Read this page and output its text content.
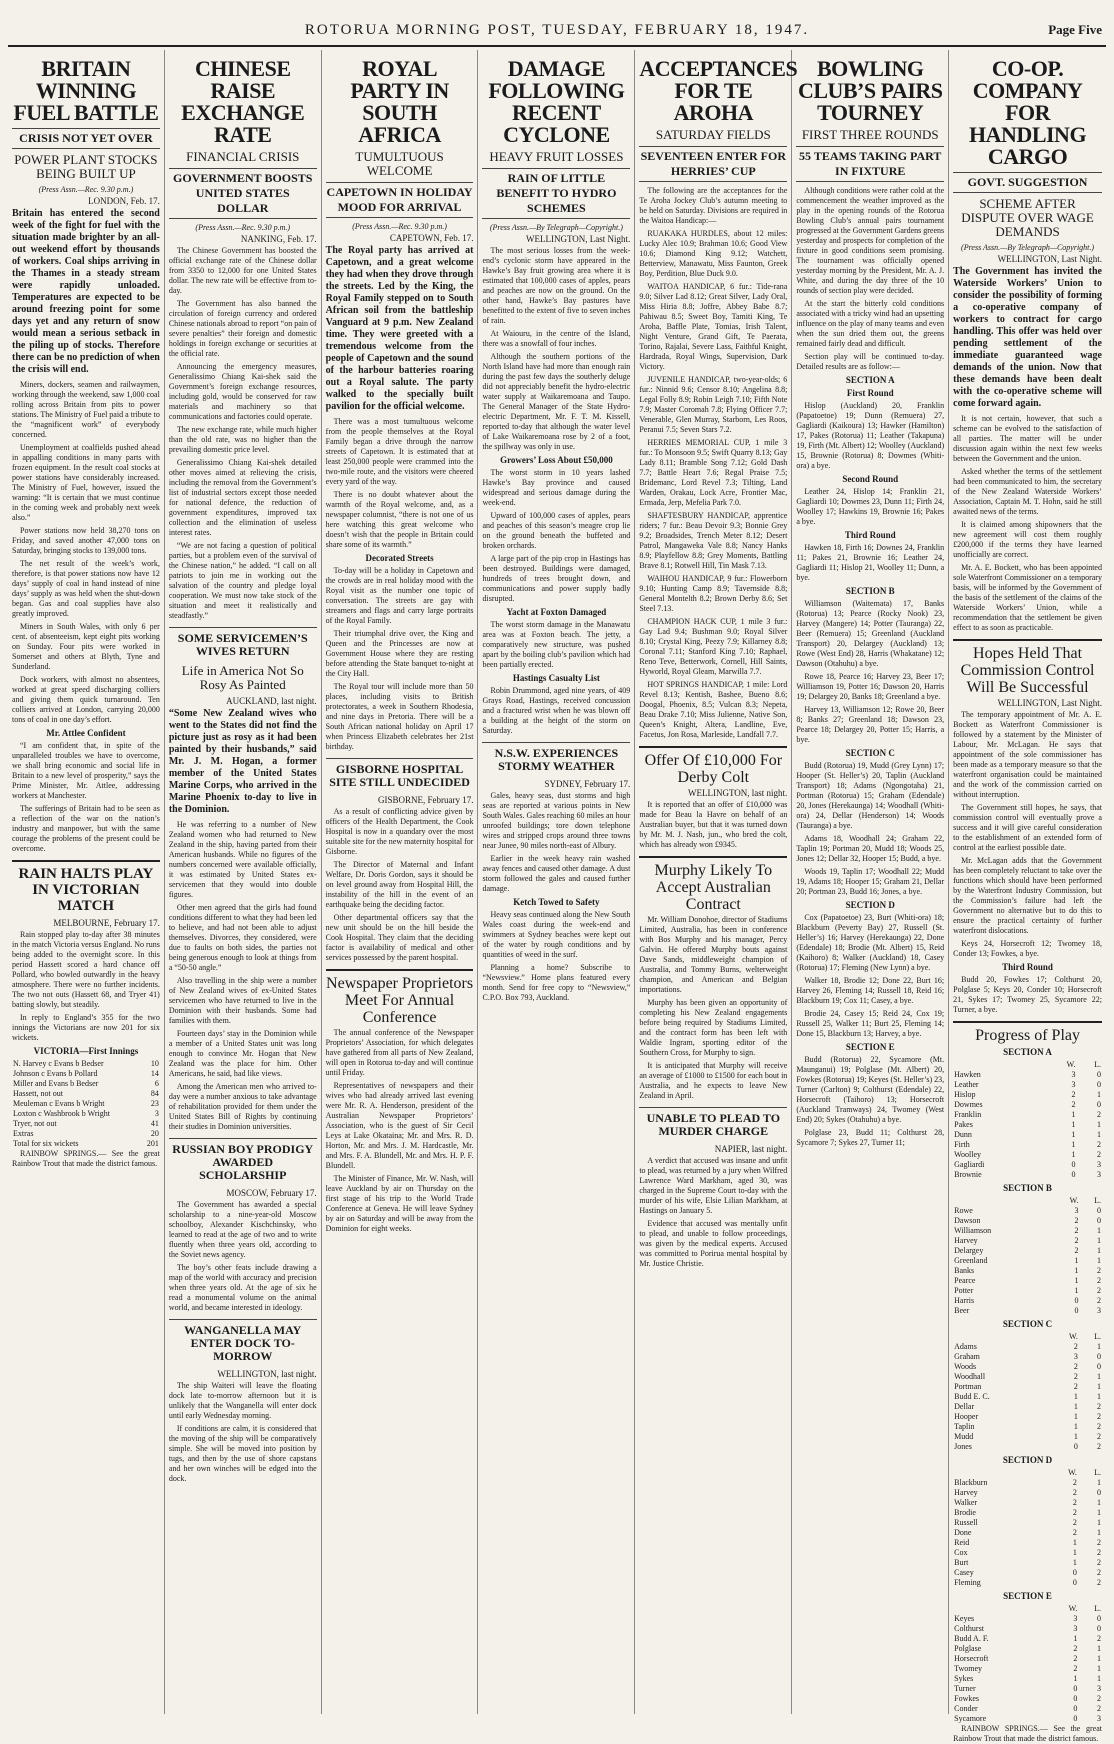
ROTORUA MORNING POST, TUESDAY, FEBRUARY 18, 1947.	Page Five
BRITAIN WINNING FUEL BATTLE
CRISIS NOT YET OVER
POWER PLANT STOCKS BEING BUILT UP
(Press Assn.—Rec. 9.30 p.m.)
LONDON, Feb. 17.

Britain has entered the second week of the fight for fuel with the situation made brighter by an all-out weekend effort by thousands of workers. Coal ships arriving in the Thames in a steady stream were rapidly unloaded. Temperatures are expected to be around freezing point for some days yet and any return of snow would mean a serious setback in the piling up of stocks. Therefore there can be no prediction of when the crisis will end.

Miners, dockers, seamen and railwaymen, working through the weekend, saw 1,000 coal rolling across Britain from pits to power stations. The Ministry of Fuel paid a tribute to the “magnificent work” of everybody concerned.

Unemployment at coalfields pushed ahead in appalling conditions in many parts with frozen equipment. In the result coal stocks at power stations have considerably increased. The Ministry of Fuel, however, issued the warning: “It is certain that we must continue in the coming week and probably next week also.”

Power stations now held 38,270 tons on Friday, and saved another 47,000 tons on Saturday, bringing stocks to 139,000 tons.

The net result of the week’s work, therefore, is that power stations now have 12 days’ supply of coal in hand instead of nine days’ supply as was held when the shut-down began. Gas and coal supplies have also greatly improved.

Miners in South Wales, with only 6 per cent. of absenteeism, kept eight pits working on Sunday. Four pits were worked in Somerset and others at Blyth, Tyne and Sunderland.

Dock workers, with almost no absentees, worked at great speed discharging colliers and giving them quick turnaround. Ten colliers arrived at London, carrying 20,000 tons of coal in one day’s effort.

Mr. Attlee Confident

“I am confident that, in spite of the unparalleled troubles we have to overcome, we shall bring economic and social life in Britain to a new level of prosperity,” says the Prime Minister, Mr. Attlee, addressing workers at Manchester.

The sufferings of Britain had to be seen as a reflection of the war on the nation’s industry and manpower, but with the same courage the problems of the present could be overcome.

RAIN HALTS PLAY IN VICTORIAN MATCH
MELBOURNE, February 17.

Rain stopped play to-day after 38 minutes in the match Victoria versus England. No runs being added to the overnight score. In this period Hassett scored a hard chance off Pollard, who bowled outwardly in the heavy atmosphere. There were no further incidents. The two not outs (Hassett 68, and Tryer 41) batting slowly, but steadily.

In reply to England’s 355 for the two innings the Victorians are now 201 for six wickets.

VICTORIA—First Innings
N. Harvey c Evans b Bedser	10
Johnson c Evans b Pollard	14
Miller and Evans b Bedser	6
Hassett, not out	84
Meuleman c Evans b Wright	23
Loxton c Washbrook b Wright	3
Tryer, not out	41
Extras	20
Total for six wickets	201

RAINBOW SPRINGS.— See the great Rainbow Trout that made the district famous.

CHINESE RAISE EXCHANGE RATE
FINANCIAL CRISIS
GOVERNMENT BOOSTS UNITED STATES DOLLAR
(Press Assn.—Rec. 9.30 p.m.)
NANKING, Feb. 17.

The Chinese Government has boosted the official exchange rate of the Chinese dollar from 3350 to 12,000 for one United States dollar. The new rate will be effective from to-day.

The Government has also banned the circulation of foreign currency and ordered Chinese nationals abroad to report “on pain of severe penalties” their foreign and domestic holdings in foreign exchange or securities at the official rate.

Announcing the emergency measures, Generalissimo Chiang Kai-shek said the Government’s foreign exchange resources, including gold, would be conserved for raw materials and machinery so that communications and factories could operate.

The new exchange rate, while much higher than the old rate, was no higher than the prevailing domestic price level.

Generalissimo Chiang Kai-shek detailed other moves aimed at relieving the crisis, including the removal from the Government’s list of industrial sectors except those needed for national defence, the reduction of government expenditures, improved tax collection and the elimination of useless interest rates.

“We are not facing a question of political parties, but a problem even of the survival of the Chinese nation,” he added. “I call on all patriots to join me in working out the salvation of the country and pledge loyal cooperation. We must now take stock of the situation and meet it realistically and steadfastly.”

SOME SERVICEMEN’S WIVES RETURN
Life in America Not So Rosy As Painted
AUCKLAND, last night.

“Some New Zealand wives who went to the States did not find the picture just as rosy as it had been painted by their husbands,” said Mr. J. M. Hogan, a former member of the United States Marine Corps, who arrived in the Marine Phoenix to-day to live in the Dominion.

He was referring to a number of New Zealand women who had returned to New Zealand in the ship, having parted from their American husbands. While no figures of the numbers concerned were available officially, it was estimated by United States ex-servicemen that they would into double figures.

Other men agreed that the girls had found conditions different to what they had been led to believe, and had not been able to adjust themselves. Divorces, they considered, were due to faults on both sides, the parties not being generous enough to look at things from a “50-50 angle.”

Also travelling in the ship were a number of New Zealand wives of ex-United States servicemen who have returned to live in the Dominion with their husbands. Some had families with them.

Fourteen days’ stay in the Dominion while a member of a United States unit was long enough to convince Mr. Hogan that New Zealand was the place for him. Other Americans, he said, had like views.

Among the American men who arrived to-day were a number anxious to take advantage of rehabilitation provided for them under the United States Bill of Rights by continuing their studies in Dominion universities.

RUSSIAN BOY PRODIGY AWARDED SCHOLARSHIP
MOSCOW, February 17.

The Government has awarded a special scholarship to a nine-year-old Moscow schoolboy, Alexander Kischchinsky, who learned to read at the age of two and to write fluently when three years old, according to the Soviet news agency.

The boy’s other feats include drawing a map of the world with accuracy and precision when three years old. At the age of six he read a monumental volume on the animal world, and became interested in ideology.

WANGANELLA MAY ENTER DOCK TO-MORROW
WELLINGTON, last night.

The ship Waiteri will leave the floating dock late to-morrow afternoon but it is unlikely that the Wanganella will enter dock until early Wednesday morning.

If conditions are calm, it is considered that the moving of the ship will be comparatively simple. She will be moved into position by tugs, and then by the use of shore capstans and her own winches will be edged into the dock.

ROYAL PARTY IN SOUTH AFRICA
TUMULTUOUS WELCOME
CAPETOWN IN HOLIDAY MOOD FOR ARRIVAL
(Press Assn.—Rec. 9.30 p.m.)
CAPETOWN, Feb. 17.

The Royal party has arrived at Capetown, and a great welcome they had when they drove through the streets. Led by the King, the Royal Family stepped on to South African soil from the battleship Vanguard at 9 p.m. New Zealand time. They were greeted with a tremendous welcome from the people of Capetown and the sound of the harbour batteries roaring out a Royal salute. The party walked to the specially built pavilion for the official welcome.

There was a most tumultuous welcome from the people themselves at the Royal Family began a drive through the narrow streets of Capetown. It is estimated that at least 250,000 people were crammed into the two-mile route, and the visitors were cheered every yard of the way.

There is no doubt whatever about the warmth of the Royal welcome, and, as a newspaper columnist, “there is not one of us here watching this great welcome who doesn’t wish that the people in Britain could share some of its warmth.”

Decorated Streets

To-day will be a holiday in Capetown and the crowds are in real holiday mood with the Royal visit as the number one topic of conversation. The streets are gay with streamers and flags and carry large portraits of the Royal Family.

Their triumphal drive over, the King and Queen and the Princesses are now at Government House where they are resting before attending the State banquet to-night at the City Hall.

The Royal tour will include more than 50 places, including visits to British protectorates, a week in Southern Rhodesia, and nine days in Pretoria. There will be a South African national holiday on April 17 when Princess Elizabeth celebrates her 21st birthday.

GISBORNE HOSPITAL SITE STILL UNDECIDED
GISBORNE, February 17.

As a result of conflicting advice given by officers of the Health Department, the Cook Hospital is now in a quandary over the most suitable site for the new maternity hospital for Gisborne.

The Director of Maternal and Infant Welfare, Dr. Doris Gordon, says it should be on level ground away from Hospital Hill, the instability of the hill in the event of an earthquake being the deciding factor.

Other departmental officers say that the new unit should be on the hill beside the Cook Hospital. They claim that the deciding factor is availability of medical and other services possessed by the parent hospital.

Newspaper Proprietors Meet For Annual Conference

The annual conference of the Newspaper Proprietors’ Association, for which delegates have gathered from all parts of New Zealand, will open in Rotorua to-day and will continue until Friday.

Representatives of newspapers and their wives who had already arrived last evening were Mr. R. A. Henderson, president of the Australian Newspaper Proprietors’ Association, who is the guest of Sir Cecil Leys at Lake Okataina; Mr. and Mrs. R. D. Horton, Mr. and Mrs. J. M. Hardcastle, Mr. and Mrs. F. A. Blundell, Mr. and Mrs. H. P. F. Blundell.

The Minister of Finance, Mr. W. Nash, will leave Auckland by air on Thursday on the first stage of his trip to the World Trade Conference at Geneva. He will leave Sydney by air on Saturday and will be away from the Dominion for eight weeks.

DAMAGE FOLLOWING RECENT CYCLONE
HEAVY FRUIT LOSSES
RAIN OF LITTLE BENEFIT TO HYDRO SCHEMES
(Press Assn.—By Telegraph—Copyright.)
WELLINGTON, Last Night.

The most serious losses from the week-end’s cyclonic storm have appeared in the Hawke’s Bay fruit growing area where it is estimated that 100,000 cases of apples, pears and peaches are now on the ground. On the other hand, Hawke’s Bay pastures have benefitted to the extent of five to seven inches of rain.

At Waiouru, in the centre of the Island, there was a snowfall of four inches.

Although the southern portions of the North Island have had more than enough rain during the past few days the southerly deluge did not appreciably benefit the hydro-electric water supply at Waikaremoana and Taupo. The General Manager of the State Hydro-electric Department, Mr. F. T. M. Kissell, reported to-day that although the water level of Lake Waikaremoana rose by 2 of a foot, the spillway was only in use.

Growers’ Loss About £50,000

The worst storm in 10 years lashed Hawke’s Bay province and caused widespread and serious damage during the week-end.

Upward of 100,000 cases of apples, pears and peaches of this season’s meagre crop lie on the ground beneath the buffeted and broken orchards.

A large part of the pip crop in Hastings has been destroyed. Buildings were damaged, hundreds of trees brought down, and communications and power supply badly disrupted.

Yacht at Foxton Damaged

The worst storm damage in the Manawatu area was at Foxton beach. The jetty, a comparatively new structure, was pushed apart by the boiling club’s pavilion which had been partially erected.

Hastings Casualty List

Robin Drummond, aged nine years, of 409 Grays Road, Hastings, received concussion and a fractured wrist when he was blown off a building at the height of the storm on Saturday.

N.S.W. EXPERIENCES STORMY WEATHER
SYDNEY, February 17.

Gales, heavy seas, dust storms and high seas are reported at various points in New South Wales. Gales reaching 60 miles an hour unroofed buildings; tore down telephone wires and stripped crops around three towns near Junee, 90 miles north-east of Albury.

Earlier in the week heavy rain washed away fences and caused other damage. A dust storm followed the gales and caused further damage.

Ketch Towed to Safety

Heavy seas continued along the New South Wales coast during the week-end and swimmers at Sydney beaches were kept out of the water by rough conditions and by quantities of weed in the surf.

Planning a home? Subscribe to “Newsview.” Home plans featured every month. Send for free copy to “Newsview,” C.P.O. Box 793, Auckland.

ACCEPTANCES FOR TE AROHA
SATURDAY FIELDS
SEVENTEEN ENTER FOR HERRIES’ CUP

The following are the acceptances for the Te Aroha Jockey Club’s autumn meeting to be held on Saturday. Divisions are required in the Waitoa Handicap:—

RUAKAKA HURDLES, about 12 miles: Lucky Alec 10.9; Brahman 10.6; Good View 10.6; Diamond King 9.12; Watchett, Betterview, Manawatu, Miss Faunton, Greek Boy, Perdition, Blue Duck 9.0.

WAITOA HANDICAP, 6 fur.: Tide-rana 9.0; Silver Lad 8.12; Great Silver, Lady Oral, Miss Hiria 8.8; Joffre, Abbey Babe 8.7; Pahiwau 8.5; Sweet Boy, Tamiti King, Te Aroha, Baffle Plate, Tomias, Irish Talent, Night Venture, Grand Gift, Te Paerata, Torino, Rajalai, Severe Lass, Faithful Knight, Hardrada, Royal Wings, Supervision, Dark Victory.

JUVENILE HANDICAP, two-year-olds; 6 fur.: Ninnid 9.6; Censor 8.10; Angelina 8.8; Legal Folly 8.9; Robin Leigh 7.10; Fifth Note 7.9; Master Coromah 7.8; Flying Officer 7.7; Venerable, Glen Murray, Starborn, Les Roos, Peranui 7.5; Seven Stars 7.2.

HERRIES MEMORIAL CUP, 1 mile 3 fur.: To Monsoon 9.5; Swift Quarry 8.13; Gay Lady 8.11; Bramble Song 7.12; Gold Dash 7.7; Battle Heart 7.6; Regal Praise 7.5; Bridemanc, Lord Revel 7.3; Tilting, Land Warden, Orakau, Lock Acre, Frontier Mac, Ermada, Jerp, Mefelia Park 7.0.

SHAFTESBURY HANDICAP, apprentice riders; 7 fur.: Beau Devoir 9.3; Bonnie Grey 9.2; Broadsides, Trench Meter 8.12; Desert Patrol, Mangaweka Vale 8.8; Nancy Hanks 8.9; Playfellow 8.8; Grey Moments, Battling Brave 8.1; Rotwell Hill, Tin Mask 7.13.

WAIHOU HANDICAP, 9 fur.: Flowerborn 9.10; Hunting Camp 8.9; Tavernside 8.8; General Montelth 8.2; Brown Derby 8.6; Set Steel 7.13.

CHAMPION HACK CUP, 1 mile 3 fur.: Gay Lad 9.4; Bushman 9.0; Royal Silver 8.10; Crystal King, Peezy 7.9; Killarney 8.8; Coronal 7.11; Stanford King 7.10; Raphael, Reno Teve, Betterwork, Cornell, Hill Saints, Hyworld, Royal Gleam, Marwilla 7.7.

HOT SPRINGS HANDICAP, 1 mile: Lord Revel 8.13; Kentish, Bashee, Bueno 8.6; Doogal, Phoenix, 8.5; Vulcan 8.3; Nepeta, Beau Drake 7.10; Miss Julienne, Native Son, Queen’s Knight, Altera, Landline, Eve, Facetus, Jon Rosa, Marleside, Landfall 7.7.

Offer Of £10,000 For Derby Colt
WELLINGTON, last night.

It is reported that an offer of £10,000 was made for Beau la Havre on behalf of an Australian buyer, but that it was turned down by Mr. M. J. Nash, jun., who bred the colt, which has already won £9345.

Murphy Likely To Accept Australian Contract

Mr. William Donohoe, director of Stadiums Limited, Australia, has been in conference with Bos Murphy and his manager, Percy Galvin. He offered Murphy bouts against Dave Sands, middleweight champion of Australia, and Tommy Burns, welterweight champion, and American and Belgian importations.

Murphy has been given an opportunity of completing his New Zealand engagements before being required by Stadiums Limited, and the contract form has been left with Waldie Ingram, sporting editor of the Southern Cross, for Murphy to sign.

It is anticipated that Murphy will receive an average of £1000 to £1500 for each bout in Australia, and he expects to leave New Zealand in April.

UNABLE TO PLEAD TO MURDER CHARGE
NAPIER, last night.

A verdict that accused was insane and unfit to plead, was returned by a jury when Wilfred Lawrence Ward Markham, aged 30, was charged in the Supreme Court to-day with the murder of his wife, Elsie Lilian Markham, at Hastings on January 5.

Evidence that accused was mentally unfit to plead, and unable to follow proceedings, was given by the medical experts. Accused was committed to Porirua mental hospital by Mr. Justice Christie.

BOWLING CLUB’S PAIRS TOURNEY
FIRST THREE ROUNDS
55 TEAMS TAKING PART IN FIXTURE

Although conditions were rather cold at the commencement the weather improved as the play in the opening rounds of the Rotorua Bowling Club’s annual pairs tournament progressed at the Government Gardens greens yesterday and prospects for completion of the fixture in good conditions seem promising. The tournament was officially opened yesterday morning by the President, Mr. A. J. White, and during the day three of the 10 rounds of section play were decided.

At the start the bitterly cold conditions associated with a tricky wind had an upsetting influence on the play of many teams and even when the sun dried them out, the greens remained fairly dead and difficult.

Section play will be continued to-day. Detailed results are as follow:—

SECTION A
First Round

Hislop (Auckland) 20, Franklin (Papatoetoe) 19; Dunn (Remuera) 27, Gagliardi (Kaikoura) 13; Hawker (Hamilton) 17, Pakes (Rotorua) 11; Leather (Takapuna) 19, Firth (Mt. Albert) 12; Woolley (Auckland) 15, Brownie (Rotorua) 8; Dowmes (Whiti-ora) a bye.

Second Round

Leather 24, Hislop 14; Franklin 21, Gagliardi 10; Dowmes 23, Dunn 11; Firth 24, Woolley 17; Hawkins 19, Brownie 16; Pakes a bye.

Third Round

Hawken 18, Firth 16; Downes 24, Franklin 11; Pakes 21, Brownie 16; Leather 24, Gagliardi 11; Hislop 21, Woolley 11; Dunn, a bye.

SECTION B

Williamson (Waitemata) 17, Banks (Rotorua) 13; Pearce (Rocky Nook) 23, Harvey (Mangere) 14; Potter (Tauranga) 22, Beer (Remuera) 15; Greenland (Auckland Transport) 20, Delargey (Auckland) 13; Rowe (West End) 28, Harris (Whakatane) 12; Dawson (Otahuhu) a bye.

Rowe 18, Pearce 16; Harvey 23, Beer 17; Williamson 19, Potter 16; Dawson 20, Harris 19; Delargey 20, Banks 18; Greenland a bye.

Harvey 13, Williamson 12; Rowe 20, Beer 8; Banks 27; Greenland 18; Dawson 23, Pearce 18; Delargey 20, Potter 15; Harris, a bye.

SECTION C

Budd (Rotorua) 19, Mudd (Grey Lynn) 17; Hooper (St. Heller’s) 20, Taplin (Auckland Transport) 18; Adams (Ngongotaha) 21, Portman (Rotorua) 15; Graham (Edendale) 20, Jones (Herekaunga) 14; Woodhall (Whiti-ora) 24, Dellar (Henderson) 14; Woods (Tauranga) a bye.

Adams 18, Woodhall 24; Graham 22, Taplin 19; Portman 20, Mudd 18; Woods 25, Jones 12; Dellar 32, Hooper 15; Budd, a bye.

Woods 19, Taplin 17; Woodhall 22; Mudd 19, Adams 18; Hooper 15; Graham 21, Dellar 20; Portman 23, Budd 16; Jones, a bye.

SECTION D

Cox (Papatoetoe) 23, Burt (Whiti-ora) 18; Blackburn (Peverty Bay) 27, Russell (St. Heller’s) 16; Harvey (Herekaunga) 22, Done (Edendale) 18; Brodie (Mt. Albert) 15, Reid (Kaihoro) 8; Walker (Auckland) 18, Casey (Rotorua) 17; Fleming (New Lynn) a bye.

Walker 18, Brodie 12; Done 22, Burt 16; Harvey 26, Fleming 14; Russell 18, Reid 16; Blackburn 19; Cox 11; Casey, a bye.

Brodie 24, Casey 15; Reid 24, Cox 19; Russell 25, Walker 11; Burt 25, Fleming 14; Done 15, Blackburn 13; Harvey, a bye.

SECTION E

Budd (Rotorua) 22, Sycamore (Mt. Maunganui) 19; Polglase (Mt. Albert) 20, Fowkes (Rotorua) 19; Keyes (St. Heller’s) 23, Turner (Carlton) 9; Colthurst (Edendale) 22, Horsecroft (Taihoro) 13; Horsecroft (Auckland Tramways) 24, Twomey (West End) 20; Sykes (Otahuhu) a bye.

Polglase 23, Budd 11; Colthurst 28, Sycamore 7; Sykes 27, Turner 11;

CO-OP. COMPANY FOR HANDLING CARGO
GOVT. SUGGESTION
SCHEME AFTER DISPUTE OVER WAGE DEMANDS
(Press Assn.—By Telegraph—Copyright.)
WELLINGTON, Last Night.

The Government has invited the Waterside Workers’ Union to consider the possibility of forming a co-operative company of workers to contract for cargo handling. This offer was held over pending settlement of the immediate guaranteed wage demands of the union. Now that these demands have been dealt with the co-operative scheme will come forward again.

It is not certain, however, that such a scheme can be evolved to the satisfaction of all parties. The matter will be under discussion again within the next few weeks between the Government and the union.

Asked whether the terms of the settlement had been communicated to him, the secretary of the New Zealand Waterside Workers’ Association, Captain M. T. Hohn, said he still awaited news of the terms.

It is claimed among shipowners that the new agreement will cost them roughly £200,000 if the terms they have learned unofficially are correct.

Mr. A. E. Bockett, who has been appointed sole Waterfront Commissioner on a temporary basis, will be informed by the Government of the basis of the settlement of the claims of the Waterside Workers’ Union, while a recommendation that the settlement be given effect to as soon as practicable.

Hopes Held That Commission Control Will Be Successful
WELLINGTON, Last Night.

The temporary appointment of Mr. A. E. Bockett as Waterfront Commissioner is followed by a statement by the Minister of Labour, Mr. McLagan. He says that appointment of the sole commissioner has been made as a temporary measure so that the waterfront organisation could be maintained and the work of the commission carried on without interruption.

The Government still hopes, he says, that commission control will eventually prove a success and it will give careful consideration to the establishment of an extended form of control at the earliest possible date.

Mr. McLagan adds that the Government has been completely reluctant to take over the functions which should have been performed by the Waterfront Industry Commission, but the Commission’s failure had left the Government no alternative but to do this to ensure the practical certainty of further waterfront dislocations.

Keys 24, Horsecroft 12; Twomey 18, Conder 13; Fowkes, a bye.

Third Round

Budd 20, Fowkes 17; Colthurst 20, Polglase 5; Keys 20, Conder 10; Horsecroft 21, Sykes 17; Twomey 25, Sycamore 22; Turner, a bye.

Progress of Play
SECTION A
	W.	L.
Hawken	3	0
Leather	3	0
Hislop	2	1
Dowmes	2	0
Franklin	1	2
Pakes	1	1
Dunn	1	1
Firth	1	2
Woolley	1	2
Gagliardi	0	3
Brownie	0	3
SECTION B
	W.	L.
Rowe	3	0
Dawson	2	0
Williamson	2	1
Harvey	2	1
Delargey	2	1
Greenland	1	1
Banks	1	2
Pearce	1	2
Potter	1	2
Harris	0	2
Beer	0	3
SECTION C
	W.	L.
Adams	2	1
Graham	3	0
Woods	2	0
Woodhall	2	1
Portman	2	1
Budd E. C.	1	1
Dellar	1	2
Hooper	1	2
Taplin	1	2
Mudd	1	2
Jones	0	2
SECTION D
	W.	L.
Blackburn	2	1
Harvey	2	0
Walker	2	1
Brodie	2	1
Russell	2	1
Done	2	1
Reid	1	2
Cox	1	2
Burt	1	2
Casey	0	2
Fleming	0	2
SECTION E
	W.	L.
Keyes	3	0
Colthurst	3	0
Budd A. F.	1	2
Polglase	2	1
Horsecroft	2	1
Twomey	2	1
Sykes	1	1
Turner	0	3
Fowkes	0	2
Conder	0	2
Sycamore	0	3

RAINBOW SPRINGS.— See the great Rainbow Trout that made the district famous.
